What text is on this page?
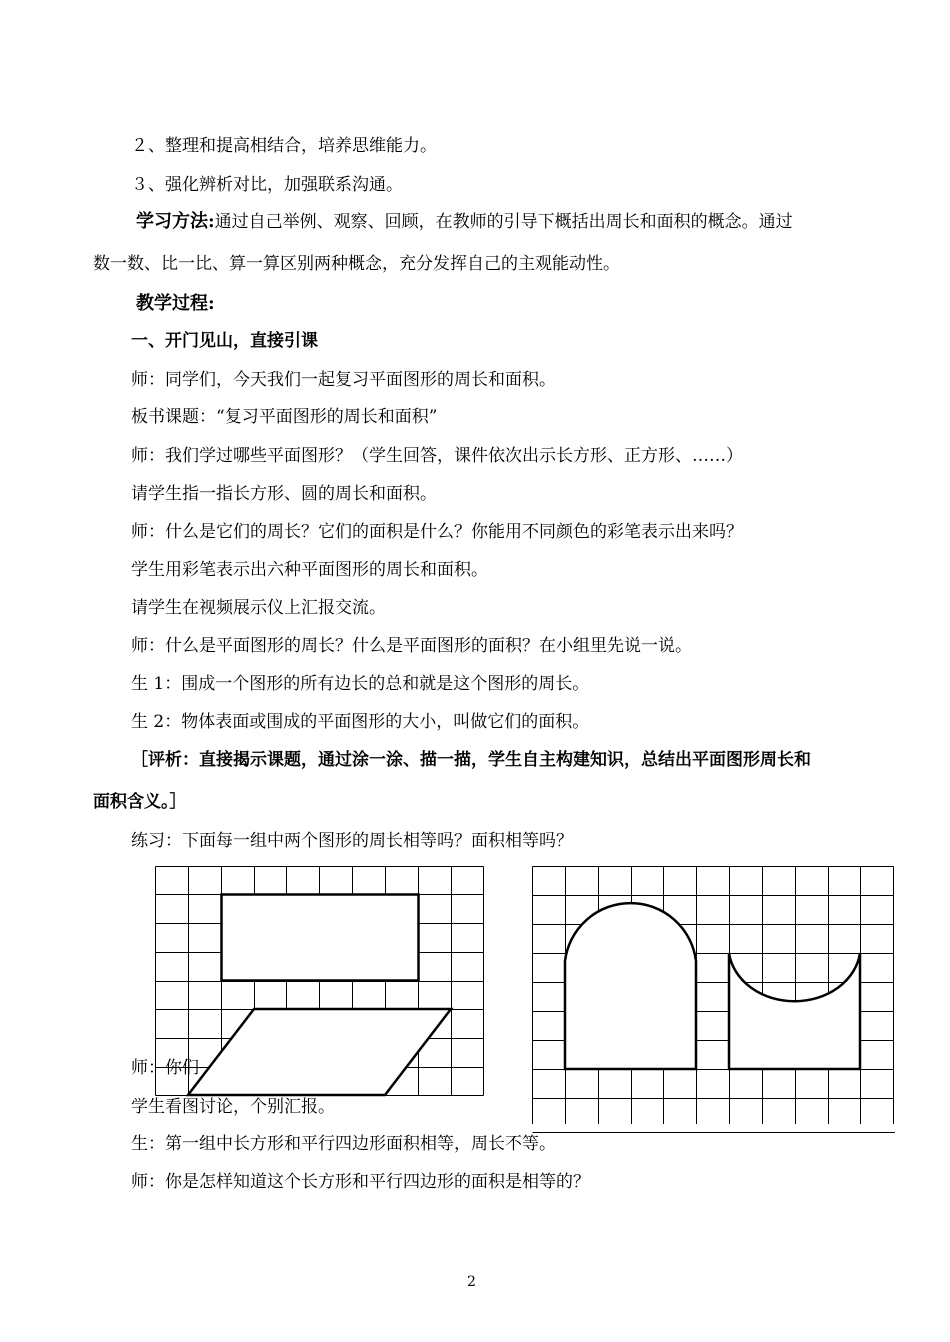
２、整理和提高相结合，培养思维能力。
３、强化辨析对比，加强联系沟通。
学习方法:通过自己举例、观察、回顾，在教师的引导下概括出周长和面积的概念。通过
数一数、比一比、算一算区别两种概念，充分发挥自己的主观能动性。
教学过程:
一、开门见山，直接引课
师：同学们，今天我们一起复习平面图形的周长和面积。
板书课题：“复习平面图形的周长和面积”
师：我们学过哪些平面图形？（学生回答，课件依次出示长方形、正方形、……）
请学生指一指长方形、圆的周长和面积。
师：什么是它们的周长？它们的面积是什么？你能用不同颜色的彩笔表示出来吗？
学生用彩笔表示出六种平面图形的周长和面积。
请学生在视频展示仪上汇报交流。
师：什么是平面图形的周长？什么是平面图形的面积？在小组里先说一说。
生 1：围成一个图形的所有边长的总和就是这个图形的周长。
生 2：物体表面或围成的平面图形的大小，叫做它们的面积。
［评析：直接揭示课题，通过涂一涂、描一描，学生自主构建知识，总结出平面图形周长和
面积含义。］
练习：下面每一组中两个图形的周长相等吗？面积相等吗？
师：你们
学生看图讨论，个别汇报。
生：第一组中长方形和平行四边形面积相等，周长不等。
师：你是怎样知道这个长方形和平行四边形的面积是相等的？
2
